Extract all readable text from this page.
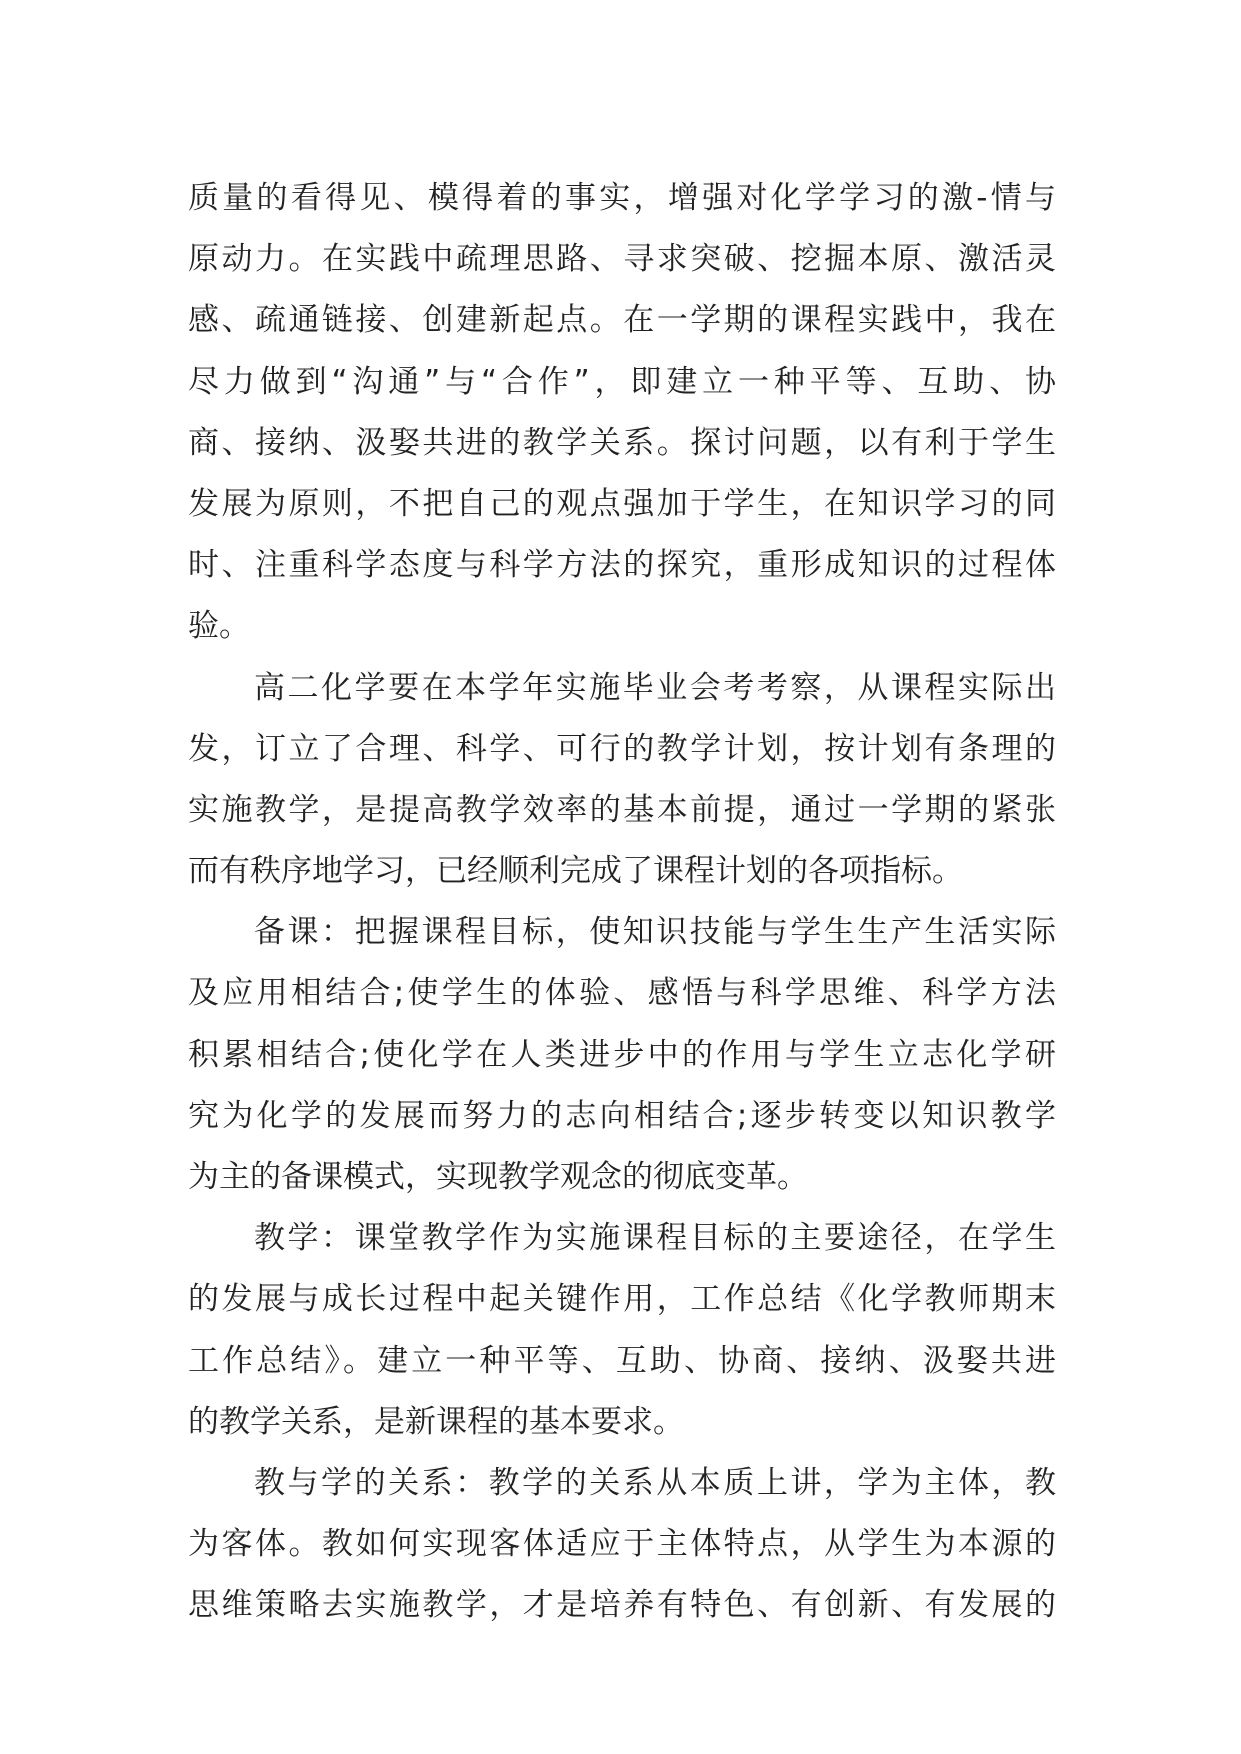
质量的看得见、模得着的事实，增强对化学学习的激-情与
原动力。在实践中疏理思路、寻求突破、挖掘本原、激活灵
感、疏通链接、创建新起点。在一学期的课程实践中，我在
尽力做到“沟通”与“合作”，即建立一种平等、互助、协
商、接纳、汲娶共进的教学关系。探讨问题，以有利于学生
发展为原则，不把自己的观点强加于学生，在知识学习的同
时、注重科学态度与科学方法的探究，重形成知识的过程体
验。
高二化学要在本学年实施毕业会考考察，从课程实际出
发，订立了合理、科学、可行的教学计划，按计划有条理的
实施教学，是提高教学效率的基本前提，通过一学期的紧张
而有秩序地学习，已经顺利完成了课程计划的各项指标。
备课：把握课程目标，使知识技能与学生生产生活实际
及应用相结合;使学生的体验、感悟与科学思维、科学方法
积累相结合;使化学在人类进步中的作用与学生立志化学研
究为化学的发展而努力的志向相结合;逐步转变以知识教学
为主的备课模式，实现教学观念的彻底变革。
教学：课堂教学作为实施课程目标的主要途径，在学生
的发展与成长过程中起关键作用，工作总结《化学教师期末
工作总结》。建立一种平等、互助、协商、接纳、汲娶共进
的教学关系，是新课程的基本要求。
教与学的关系：教学的关系从本质上讲，学为主体，教
为客体。教如何实现客体适应于主体特点，从学生为本源的
思维策略去实施教学，才是培养有特色、有创新、有发展的
